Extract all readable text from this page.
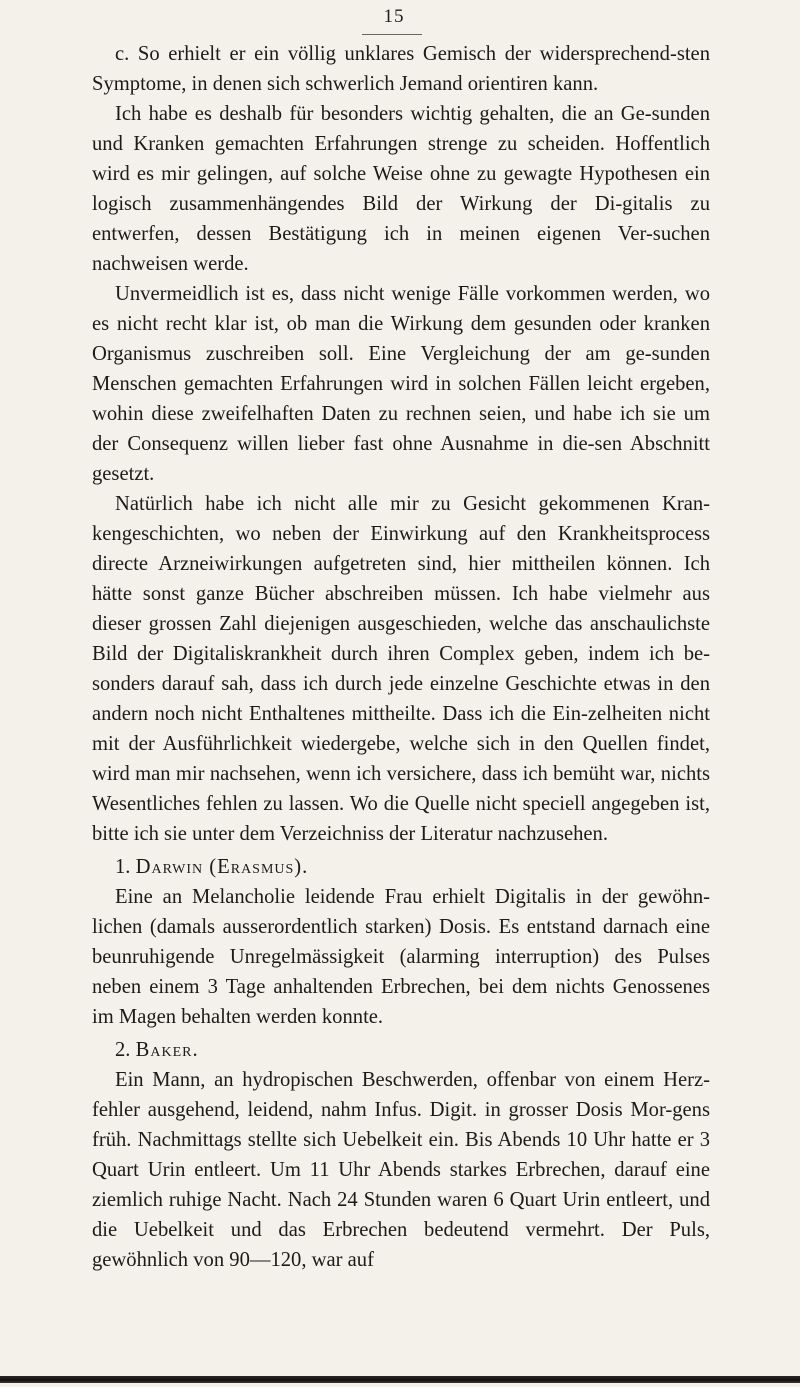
15

c. So erhielt er ein völlig unklares Gemisch der widersprechend-sten Symptome, in denen sich schwerlich Jemand orientiren kann.

Ich habe es deshalb für besonders wichtig gehalten, die an Ge-sunden und Kranken gemachten Erfahrungen strenge zu scheiden. Hoffentlich wird es mir gelingen, auf solche Weise ohne zu gewagte Hypothesen ein logisch zusammenhängendes Bild der Wirkung der Di-gitalis zu entwerfen, dessen Bestätigung ich in meinen eigenen Ver-suchen nachweisen werde.

Unvermeidlich ist es, dass nicht wenige Fälle vorkommen werden, wo es nicht recht klar ist, ob man die Wirkung dem gesunden oder kranken Organismus zuschreiben soll. Eine Vergleichung der am ge-sunden Menschen gemachten Erfahrungen wird in solchen Fällen leicht ergeben, wohin diese zweifelhaften Daten zu rechnen seien, und habe ich sie um der Consequenz willen lieber fast ohne Ausnahme in die-sen Abschnitt gesetzt.

Natürlich habe ich nicht alle mir zu Gesicht gekommenen Kran-kengeschichten, wo neben der Einwirkung auf den Krankheitsprocess directe Arzneiwirkungen aufgetreten sind, hier mittheilen können. Ich hätte sonst ganze Bücher abschreiben müssen. Ich habe vielmehr aus dieser grossen Zahl diejenigen ausgeschieden, welche das anschaulichste Bild der Digitaliskrankheit durch ihren Complex geben, indem ich be-sonders darauf sah, dass ich durch jede einzelne Geschichte etwas in den andern noch nicht Enthaltenes mittheilte. Dass ich die Ein-zelheiten nicht mit der Ausführlichkeit wiedergebe, welche sich in den Quellen findet, wird man mir nachsehen, wenn ich versichere, dass ich bemüht war, nichts Wesentliches fehlen zu lassen. Wo die Quelle nicht speciell angegeben ist, bitte ich sie unter dem Verzeichniss der Literatur nachzusehen.

1. Darwin (Erasmus).

Eine an Melancholie leidende Frau erhielt Digitalis in der gewöhn-lichen (damals ausserordentlich starken) Dosis. Es entstand darnach eine beunruhigende Unregelmässigkeit (alarming interruption) des Pulses neben einem 3 Tage anhaltenden Erbrechen, bei dem nichts Genossenes im Magen behalten werden konnte.

2. Baker.

Ein Mann, an hydropischen Beschwerden, offenbar von einem Herz-fehler ausgehend, leidend, nahm Infus. Digit. in grosser Dosis Mor-gens früh. Nachmittags stellte sich Uebelkeit ein. Bis Abends 10 Uhr hatte er 3 Quart Urin entleert. Um 11 Uhr Abends starkes Erbrechen, darauf eine ziemlich ruhige Nacht. Nach 24 Stunden waren 6 Quart Urin entleert, und die Uebelkeit und das Erbrechen bedeutend vermehrt. Der Puls, gewöhnlich von 90—120, war auf
